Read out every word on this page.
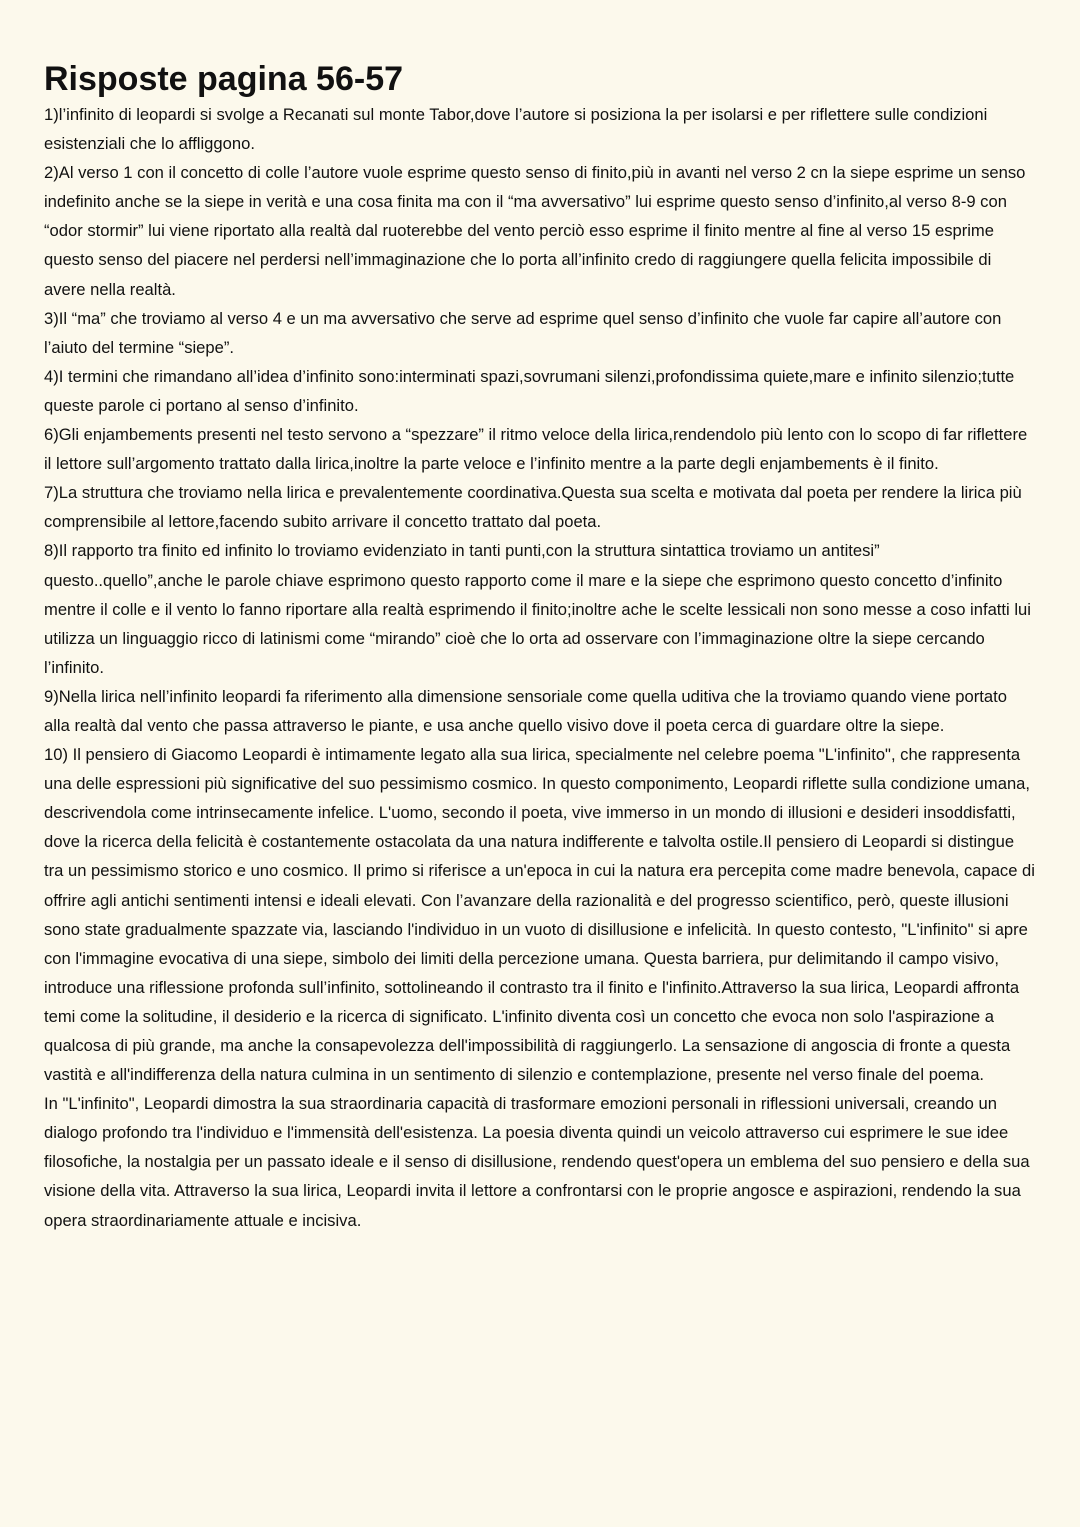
Risposte pagina 56-57

1)l’infinito di leopardi si svolge a Recanati sul monte Tabor,dove l’autore si posiziona la per isolarsi e per riflettere sulle condizioni esistenziali che lo affliggono.

2)Al verso 1 con il concetto di colle l’autore vuole esprime questo senso di finito,più in avanti nel verso 2 cn la siepe esprime un senso indefinito anche se la siepe in verità e una cosa finita ma con il “ma avversativo” lui esprime questo senso d’infinito,al verso 8-9 con “odor stormir” lui viene riportato alla realtà dal ruoterebbe del vento perciò esso esprime il finito mentre al fine al verso 15 esprime questo senso del piacere nel perdersi nell’immaginazione che lo porta all’infinito credo di raggiungere quella felicita impossibile di avere nella realtà.

3)Il “ma” che troviamo al verso 4 e un ma avversativo che serve ad esprime quel senso d’infinito che vuole far capire all’autore con l’aiuto del termine “siepe”.

4)I termini che rimandano all’idea d’infinito sono:interminati spazi,sovrumani silenzi,profondissima quiete,mare e infinito silenzio;tutte queste parole ci portano al senso d’infinito.

6)Gli enjambements presenti nel testo servono a “spezzare” il ritmo veloce della lirica,rendendolo più lento con lo scopo di far riflettere il lettore sull’argomento trattato dalla lirica,inoltre la parte veloce e l’infinito mentre a la parte degli enjambements è il finito.

7)La struttura che troviamo nella lirica e prevalentemente coordinativa.Questa sua scelta e motivata dal poeta per rendere la lirica più comprensibile al lettore,facendo subito arrivare il concetto trattato dal poeta.

8)Il rapporto tra finito ed infinito lo troviamo evidenziato in tanti punti,con la struttura sintattica troviamo un antitesi” questo..quello”,anche le parole chiave esprimono questo rapporto come il mare e la siepe che esprimono questo concetto d’infinito mentre il colle e il vento lo fanno riportare alla realtà esprimendo il finito;inoltre ache le scelte lessicali non sono messe a coso infatti lui utilizza un linguaggio ricco di latinismi come “mirando” cioè che lo orta ad osservare con l’immaginazione oltre la siepe cercando l’infinito.

9)Nella lirica nell’infinito leopardi fa riferimento alla dimensione sensoriale come quella uditiva che la troviamo quando viene portato alla realtà dal vento che passa attraverso le piante, e usa anche quello visivo dove il poeta cerca di guardare oltre la siepe.

10) Il pensiero di Giacomo Leopardi è intimamente legato alla sua lirica, specialmente nel celebre poema "L'infinito", che rappresenta una delle espressioni più significative del suo pessimismo cosmico. In questo componimento, Leopardi riflette sulla condizione umana, descrivendola come intrinsecamente infelice. L'uomo, secondo il poeta, vive immerso in un mondo di illusioni e desideri insoddisfatti, dove la ricerca della felicità è costantemente ostacolata da una natura indifferente e talvolta ostile.Il pensiero di Leopardi si distingue tra un pessimismo storico e uno cosmico. Il primo si riferisce a un'epoca in cui la natura era percepita come madre benevola, capace di offrire agli antichi sentimenti intensi e ideali elevati. Con l’avanzare della razionalità e del progresso scientifico, però, queste illusioni sono state gradualmente spazzate via, lasciando l'individuo in un vuoto di disillusione e infelicità. In questo contesto, "L'infinito" si apre con l'immagine evocativa di una siepe, simbolo dei limiti della percezione umana. Questa barriera, pur delimitando il campo visivo, introduce una riflessione profonda sull’infinito, sottolineando il contrasto tra il finito e l'infinito.Attraverso la sua lirica, Leopardi affronta temi come la solitudine, il desiderio e la ricerca di significato. L'infinito diventa così un concetto che evoca non solo l'aspirazione a qualcosa di più grande, ma anche la consapevolezza dell'impossibilità di raggiungerlo. La sensazione di angoscia di fronte a questa vastità e all'indifferenza della natura culmina in un sentimento di silenzio e contemplazione, presente nel verso finale del poema.

In "L'infinito", Leopardi dimostra la sua straordinaria capacità di trasformare emozioni personali in riflessioni universali, creando un dialogo profondo tra l'individuo e l'immensità dell'esistenza. La poesia diventa quindi un veicolo attraverso cui esprimere le sue idee filosofiche, la nostalgia per un passato ideale e il senso di disillusione, rendendo quest'opera un emblema del suo pensiero e della sua visione della vita. Attraverso la sua lirica, Leopardi invita il lettore a confrontarsi con le proprie angosce e aspirazioni, rendendo la sua opera straordinariamente attuale e incisiva.
